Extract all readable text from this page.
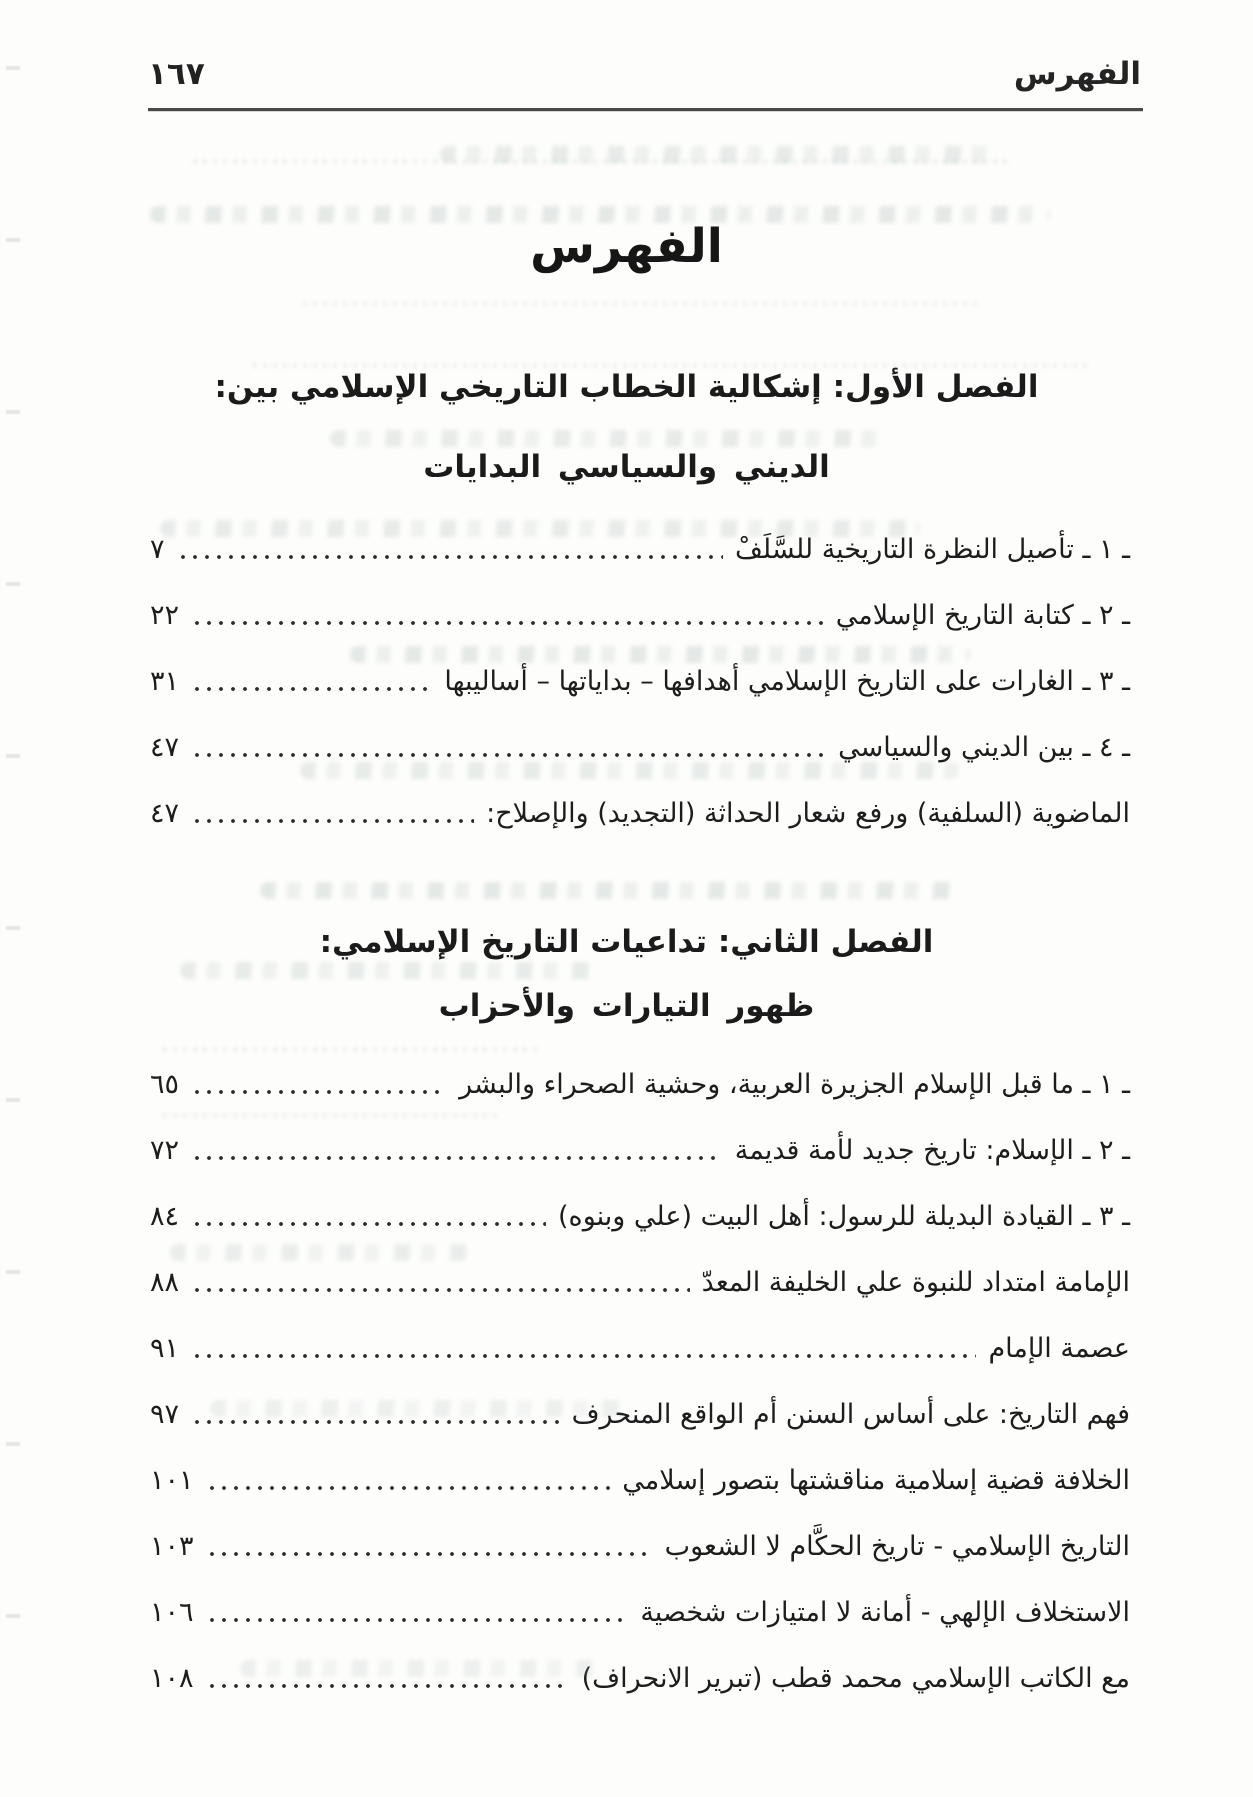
١٦٧	الفهرس
الفهرس
الفصل الأول: إشكالية الخطاب التاريخي الإسلامي بين:
الديني والسياسي البدايات
ـ ١ ـ تأصيل النظرة التاريخية للسَّلَفْ
٧
ـ ٢ ـ كتابة التاريخ الإسلامي
٢٢
ـ ٣ ـ الغارات على التاريخ الإسلامي أهدافها – بداياتها – أساليبها
٣١
ـ ٤ ـ بين الديني والسياسي
٤٧
الماضوية (السلفية) ورفع شعار الحداثة (التجديد) والإصلاح:
٤٧
الفصل الثاني: تداعيات التاريخ الإسلامي:
ظهور التيارات والأحزاب
ـ ١ ـ ما قبل الإسلام الجزيرة العربية، وحشية الصحراء والبشر
٦٥
ـ ٢ ـ الإسلام: تاريخ جديد لأمة قديمة
٧٢
ـ ٣ ـ القيادة البديلة للرسول: أهل البيت (علي وبنوه)
٨٤
الإمامة امتداد للنبوة علي الخليفة المعدّ
٨٨
عصمة الإمام
٩١
فهم التاريخ: على أساس السنن أم الواقع المنحرف
٩٧
الخلافة قضية إسلامية مناقشتها بتصور إسلامي
١٠١
التاريخ الإسلامي - تاريخ الحكَّام لا الشعوب
١٠٣
الاستخلاف الإلهي - أمانة لا امتيازات شخصية
١٠٦
مع الكاتب الإسلامي محمد قطب (تبرير الانحراف)
١٠٨
